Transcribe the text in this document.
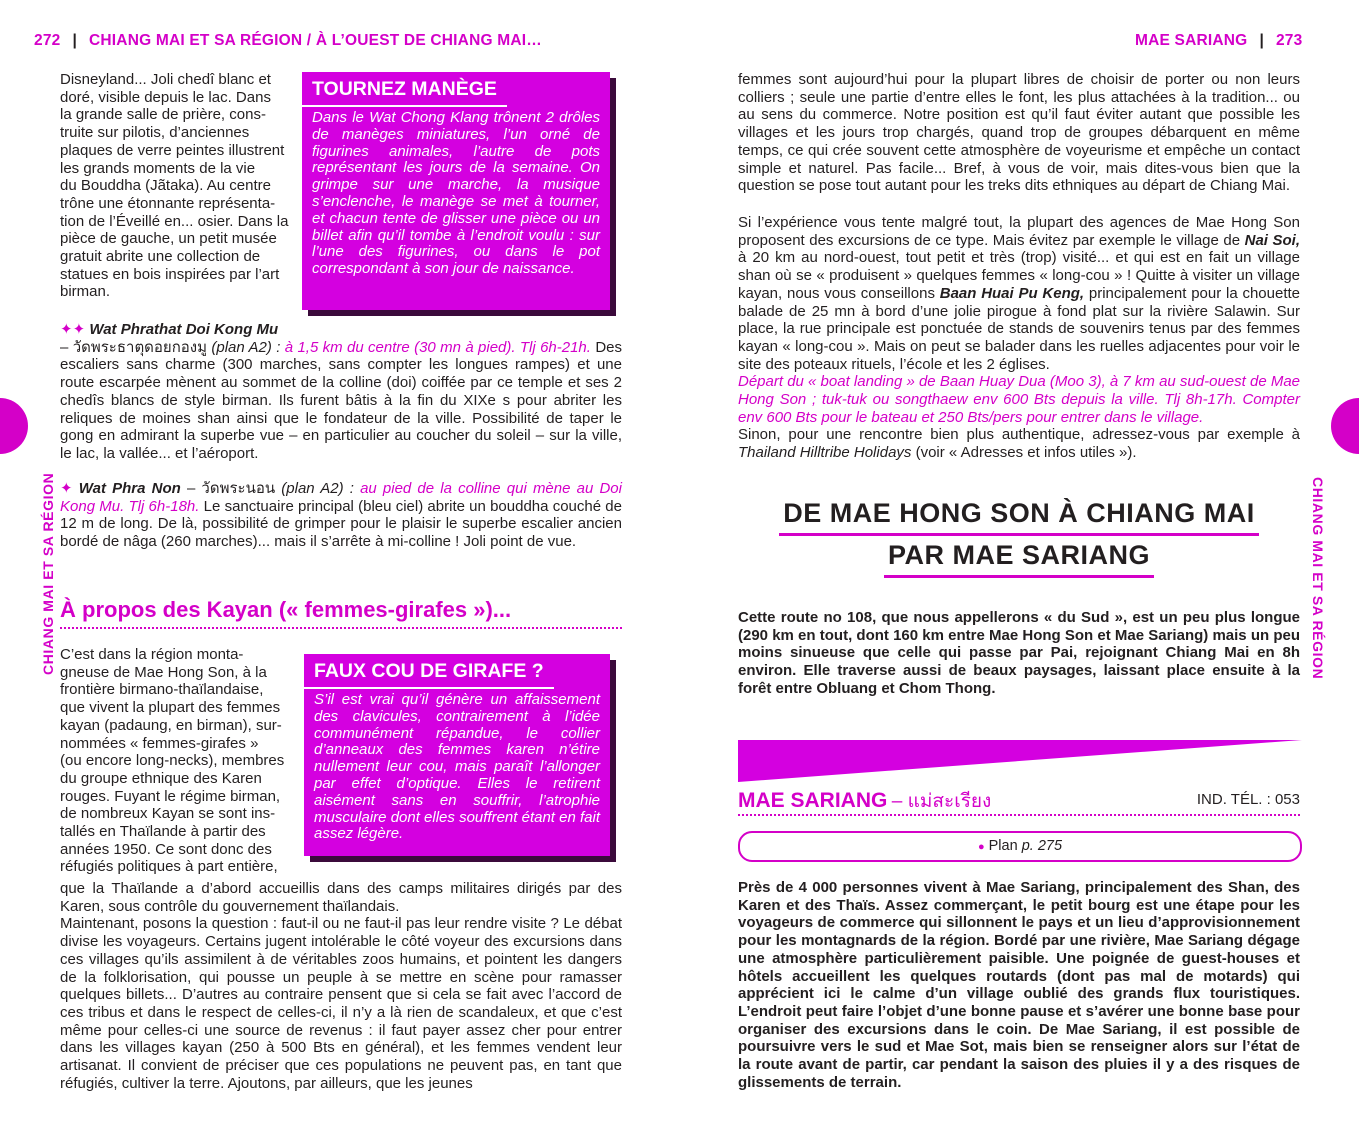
272 | CHIANG MAI ET SA RÉGION / À L’OUEST DE CHIANG MAI…
CHIANG MAI ET SA RÉGION
Disneyland... Joli chedî blanc et
doré, visible depuis le lac. Dans
la grande salle de prière, cons-
truite sur pilotis, d’anciennes
plaques de verre peintes illustrent
les grands moments de la vie
du Bouddha (Jãtaka). Au centre
trône une étonnante représenta-
tion de l’Éveillé en... osier. Dans la
pièce de gauche, un petit musée
gratuit abrite une collection de
statues en bois inspirées par l’art
birman.
TOURNEZ MANÈGE
Dans le Wat Chong Klang trônent 2 drôles de manèges miniatures, l’un orné de figurines animales, l’autre de pots représentant les jours de la semaine. On grimpe sur une marche, la musique s’enclenche, le manège se met à tourner, et chacun tente de glisser une pièce ou un billet afin qu’il tombe à l’endroit voulu : sur l’une des figurines, ou dans le pot correspondant à son jour de naissance.
✦✦ Wat Phrathat Doi Kong Mu
– วัดพระธาตุดอยกองมู (plan A2) : à 1,5 km du centre (30 mn à pied). Tlj 6h-21h. Des escaliers sans charme (300 marches, sans compter les longues rampes) et une route escarpée mènent au sommet de la colline (doi) coiffée par ce temple et ses 2 chedîs blancs de style birman. Ils furent bâtis à la fin du XIXe s pour abriter les reliques de moines shan ainsi que le fondateur de la ville. Possibilité de taper le gong en admirant la superbe vue – en particulier au coucher du soleil – sur la ville, le lac, la vallée... et l’aéroport.
✦ Wat Phra Non – วัดพระนอน (plan A2) : au pied de la colline qui mène au Doi Kong Mu. Tlj 6h-18h. Le sanctuaire principal (bleu ciel) abrite un bouddha couché de 12 m de long. De là, possibilité de grimper pour le plaisir le superbe escalier ancien bordé de nâga (260 marches)... mais il s’arrête à mi-colline ! Joli point de vue.
À propos des Kayan (« femmes-girafes »)...
C’est dans la région monta-
gneuse de Mae Hong Son, à la
frontière birmano-thaïlandaise,
que vivent la plupart des femmes
kayan (padaung, en birman), sur-
nommées « femmes-girafes »
(ou encore long-necks), membres
du groupe ethnique des Karen
rouges. Fuyant le régime birman,
de nombreux Kayan se sont ins-
tallés en Thaïlande à partir des
années 1950. Ce sont donc des
réfugiés politiques à part entière,
FAUX COU DE GIRAFE ?
S’il est vrai qu’il génère un affaissement des clavicules, contrairement à l’idée communément répandue, le collier d’anneaux des femmes karen n’étire nullement leur cou, mais paraît l’allonger par effet d’optique. Elles le retirent aisément sans en souffrir, l’atrophie musculaire dont elles souffrent étant en fait assez légère.
que la Thaïlande a d’abord accueillis dans des camps militaires dirigés par des Karen, sous contrôle du gouvernement thaïlandais.
Maintenant, posons la question : faut-il ou ne faut-il pas leur rendre visite ? Le débat divise les voyageurs. Certains jugent intolérable le côté voyeur des excursions dans ces villages qu’ils assimilent à de véritables zoos humains, et pointent les dangers de la folklorisation, qui pousse un peuple à se mettre en scène pour ramasser quelques billets... D’autres au contraire pensent que si cela se fait avec l’accord de ces tribus et dans le respect de celles-ci, il n’y a là rien de scandaleux, et que c’est même pour celles-ci une source de revenus : il faut payer assez cher pour entrer dans les villages kayan (250 à 500 Bts en général), et les femmes vendent leur artisanat. Il convient de préciser que ces populations ne peuvent pas, en tant que réfugiés, cultiver la terre. Ajoutons, par ailleurs, que les jeunes
MAE SARIANG | 273
CHIANG MAI ET SA RÉGION
femmes sont aujourd’hui pour la plupart libres de choisir de porter ou non leurs colliers ; seule une partie d’entre elles le font, les plus attachées à la tradition... ou au sens du commerce. Notre position est qu’il faut éviter autant que possible les villages et les jours trop chargés, quand trop de groupes débarquent en même temps, ce qui crée souvent cette atmosphère de voyeurisme et empêche un contact simple et naturel. Pas facile... Bref, à vous de voir, mais dites-vous bien que la question se pose tout autant pour les treks dits ethniques au départ de Chiang Mai.
Si l’expérience vous tente malgré tout, la plupart des agences de Mae Hong Son proposent des excursions de ce type. Mais évitez par exemple le village de Nai Soi, à 20 km au nord-ouest, tout petit et très (trop) visité... et qui est en fait un village shan où se « produisent » quelques femmes « long-cou » ! Quitte à visiter un village kayan, nous vous conseillons Baan Huai Pu Keng, principalement pour la chouette balade de 25 mn à bord d’une jolie pirogue à fond plat sur la rivière Salawin. Sur place, la rue principale est ponctuée de stands de souvenirs tenus par des femmes kayan « long-cou ». Mais on peut se balader dans les ruelles adjacentes pour voir le site des poteaux rituels, l’école et les 2 églises.
Départ du « boat landing » de Baan Huay Dua (Moo 3), à 7 km au sud-ouest de Mae Hong Son ; tuk-tuk ou songthaew env 600 Bts depuis la ville. Tlj 8h-17h. Compter env 600 Bts pour le bateau et 250 Bts/pers pour entrer dans le village.
Sinon, pour une rencontre bien plus authentique, adressez-vous par exemple à Thailand Hilltribe Holidays (voir « Adresses et infos utiles »).
DE MAE HONG SON À CHIANG MAI
PAR MAE SARIANG
Cette route no 108, que nous appellerons « du Sud », est un peu plus longue (290 km en tout, dont 160 km entre Mae Hong Son et Mae Sariang) mais un peu moins sinueuse que celle qui passe par Pai, rejoignant Chiang Mai en 8h environ. Elle traverse aussi de beaux paysages, laissant place ensuite à la forêt entre Obluang et Chom Thong.
MAE SARIANG – แม่สะเรียง	IND. TÉL. : 053
● Plan p. 275
Près de 4 000 personnes vivent à Mae Sariang, principalement des Shan, des Karen et des Thaïs. Assez commerçant, le petit bourg est une étape pour les voyageurs de commerce qui sillonnent le pays et un lieu d’approvisionnement pour les montagnards de la région. Bordé par une rivière, Mae Sariang dégage une atmosphère particulièrement paisible. Une poignée de guest-houses et hôtels accueillent les quelques routards (dont pas mal de motards) qui apprécient ici le calme d’un village oublié des grands flux touristiques. L’endroit peut faire l’objet d’une bonne pause et s’avérer une bonne base pour organiser des excursions dans le coin. De Mae Sariang, il est possible de poursuivre vers le sud et Mae Sot, mais bien se renseigner alors sur l’état de la route avant de partir, car pendant la saison des pluies il y a des risques de glissements de terrain.
